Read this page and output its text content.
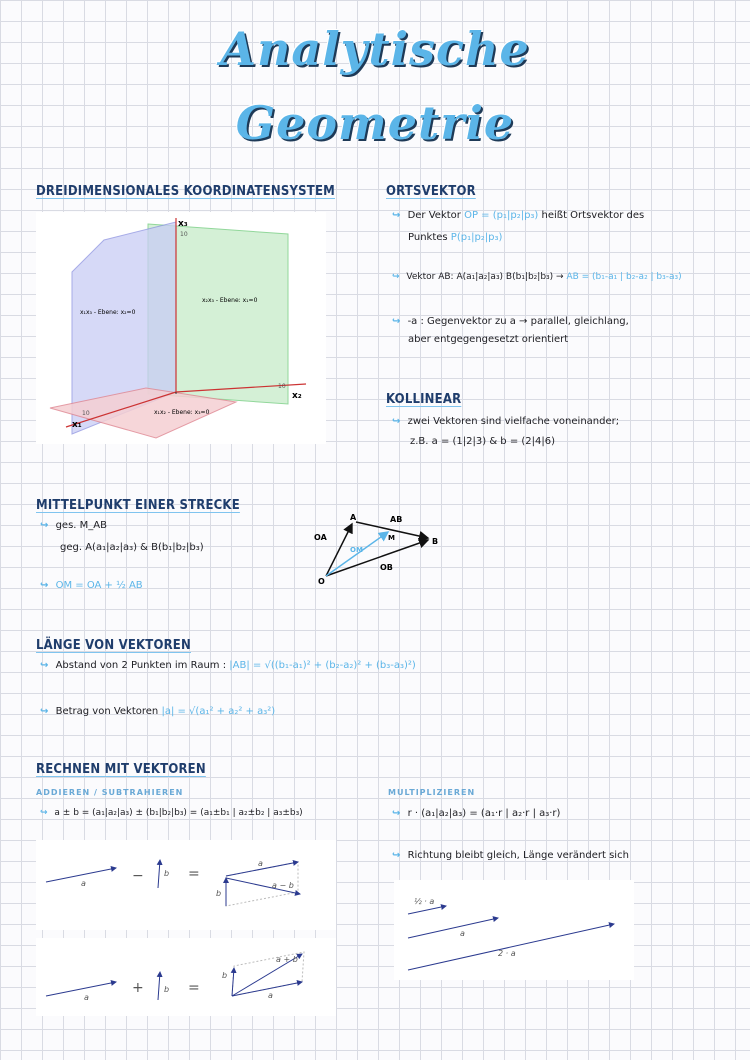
Analytische
Geometrie
DREIDIMENSIONALES KOORDINATENSYSTEM
x₃
10
x₂
10
x₁
10
x₁x₃ - Ebene: x₂=0
x₂x₃ - Ebene: x₁=0
x₁x₂ - Ebene: x₃=0
ORTSVEKTOR
↪ Der Vektor OP = (p₁|p₂|p₃) heißt Ortsvektor des
Punktes P(p₁|p₂|p₃)
↪ Vektor AB: A(a₁|a₂|a₃) B(b₁|b₂|b₃) → AB = (b₁-a₁ | b₂-a₂ | b₃-a₃)
↪ -a : Gegenvektor zu a → parallel, gleichlang,
aber entgegengesetzt orientiert
KOLLINEAR
↪ zwei Vektoren sind vielfache voneinander;
z.B. a = (1|2|3) & b = (2|4|6)
MITTELPUNKT EINER STRECKE
↪ ges. M_AB
geg. A(a₁|a₂|a₃) & B(b₁|b₂|b₃)
↪ OM = OA + ½ AB
A
B
O
M
AB
OA
OB
OM
LÄNGE VON VEKTOREN
↪ Abstand von 2 Punkten im Raum : |AB| = √((b₁-a₁)² + (b₂-a₂)² + (b₃-a₃)²)
↪ Betrag von Vektoren |a| = √(a₁² + a₂² + a₃²)
RECHNEN MIT VEKTOREN
ADDIEREN / SUBTRAHIEREN
↪ a ± b = (a₁|a₂|a₃) ± (b₁|b₂|b₃) = (a₁±b₁ | a₂±b₂ | a₃±b₃)
MULTIPLIZIEREN
↪ r · (a₁|a₂|a₃) = (a₁·r | a₂·r | a₃·r)
↪ Richtung bleibt gleich, Länge verändert sich
a	−	b =
a
b
a − b
a
+	b =
b
a
a + b
½ · a
a
2 · a
